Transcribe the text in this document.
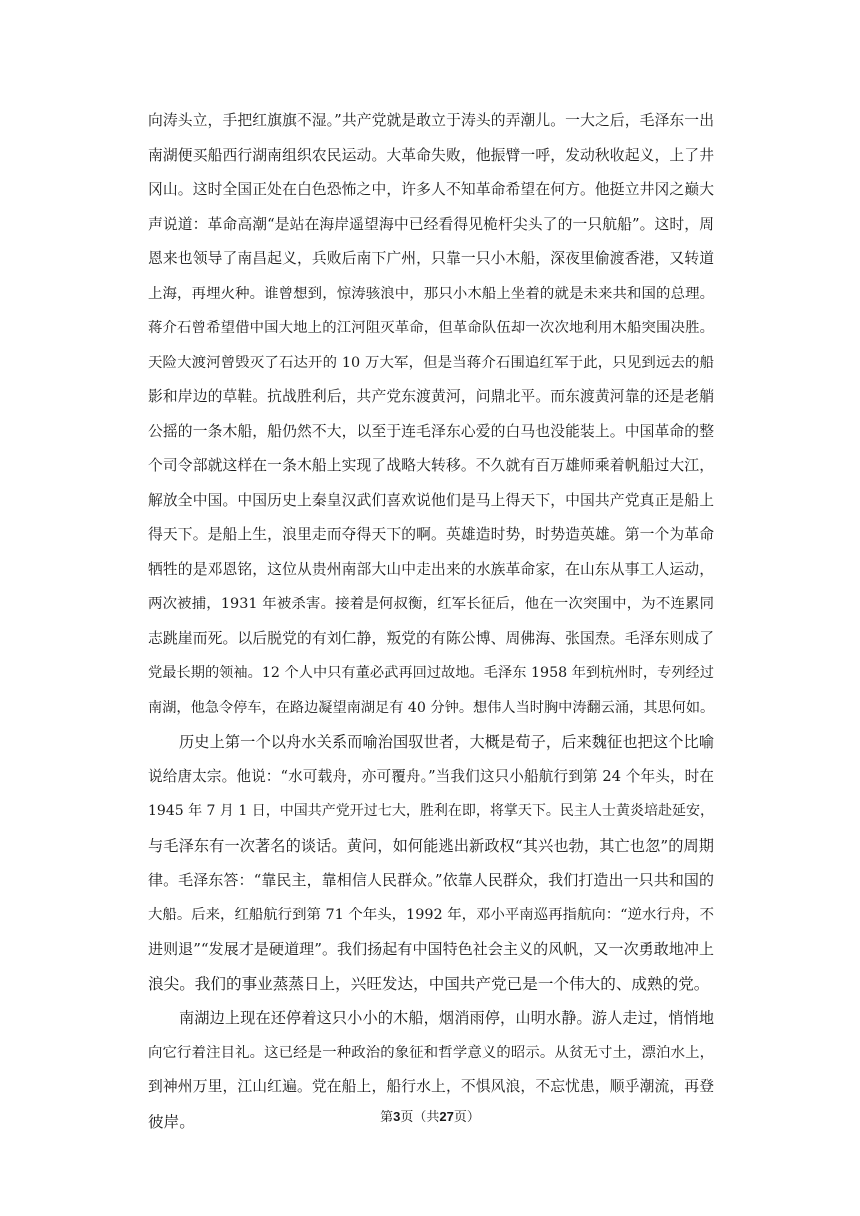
向涛头立，手把红旗旗不湿。”共产党就是敢立于涛头的弄潮儿。一大之后，毛泽东一出
南湖便买船西行湖南组织农民运动。大革命失败，他振臂一呼，发动秋收起义，上了井
冈山。这时全国正处在白色恐怖之中，许多人不知革命希望在何方。他挺立井冈之巅大
声说道：革命高潮“是站在海岸遥望海中已经看得见桅杆尖头了的一只航船”。这时，周
恩来也领导了南昌起义，兵败后南下广州，只靠一只小木船，深夜里偷渡香港，又转道
上海，再埋火种。谁曾想到，惊涛骇浪中，那只小木船上坐着的就是未来共和国的总理。
蒋介石曾希望借中国大地上的江河阻灭革命，但革命队伍却一次次地利用木船突围决胜。
天险大渡河曾毁灭了石达开的 10 万大军，但是当蒋介石围追红军于此，只见到远去的船
影和岸边的草鞋。抗战胜利后，共产党东渡黄河，问鼎北平。而东渡黄河靠的还是老艄
公摇的一条木船，船仍然不大，以至于连毛泽东心爱的白马也没能装上。中国革命的整
个司令部就这样在一条木船上实现了战略大转移。不久就有百万雄师乘着帆船过大江，
解放全中国。中国历史上秦皇汉武们喜欢说他们是马上得天下，中国共产党真正是船上
得天下。是船上生，浪里走而夺得天下的啊。英雄造时势，时势造英雄。第一个为革命
牺牲的是邓恩铭，这位从贵州南部大山中走出来的水族革命家，在山东从事工人运动，
两次被捕，1931 年被杀害。接着是何叔衡，红军长征后，他在一次突围中，为不连累同
志跳崖而死。以后脱党的有刘仁静，叛党的有陈公博、周佛海、张国焘。毛泽东则成了
党最长期的领袖。12 个人中只有董必武再回过故地。毛泽东 1958 年到杭州时，专列经过
南湖，他急令停车，在路边凝望南湖足有 40 分钟。想伟人当时胸中涛翻云涌，其思何如。
历史上第一个以舟水关系而喻治国驭世者，大概是荀子，后来魏征也把这个比喻
说给唐太宗。他说：“水可载舟，亦可覆舟。”当我们这只小船航行到第 24 个年头，时在
1945 年 7 月 1 日，中国共产党开过七大，胜利在即，将掌天下。民主人士黄炎培赴延安，
与毛泽东有一次著名的谈话。黄问，如何能逃出新政权“其兴也勃，其亡也忽”的周期
律。毛泽东答：“靠民主，靠相信人民群众。”依靠人民群众，我们打造出一只共和国的
大船。后来，红船航行到第 71 个年头，1992 年，邓小平南巡再指航向：“逆水行舟，不
进则退”“发展才是硬道理”。我们扬起有中国特色社会主义的风帆，又一次勇敢地冲上
浪尖。我们的事业蒸蒸日上，兴旺发达，中国共产党已是一个伟大的、成熟的党。
南湖边上现在还停着这只小小的木船，烟消雨停，山明水静。游人走过，悄悄地
向它行着注目礼。这已经是一种政治的象征和哲学意义的昭示。从贫无寸土，漂泊水上，
到神州万里，江山红遍。党在船上，船行水上，不惧风浪，不忘忧患，顺乎潮流，再登
彼岸。	第3页（共27页）
